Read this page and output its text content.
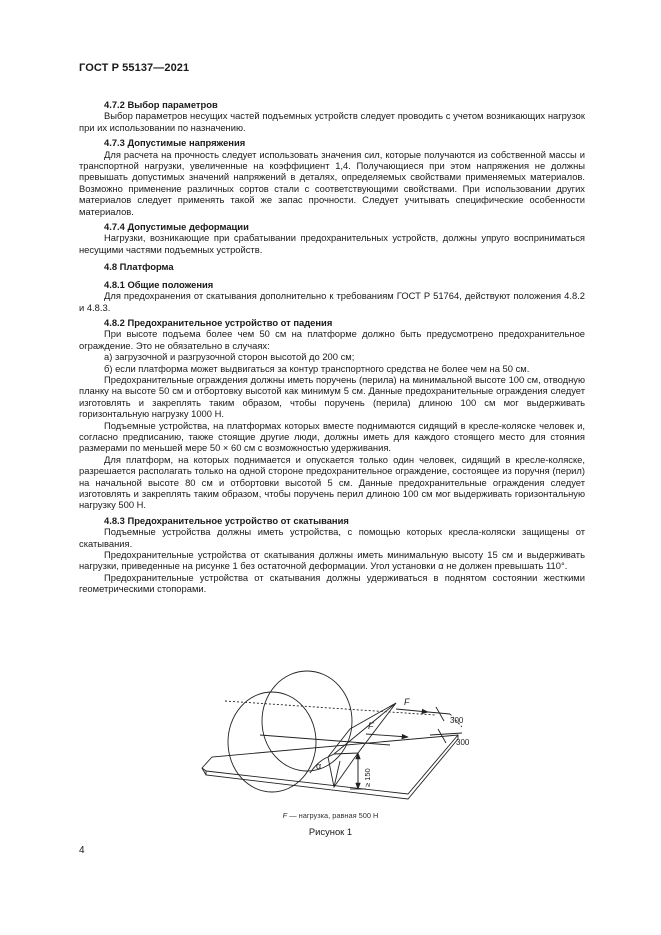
ГОСТ Р 55137—2021

4.7.2 Выбор параметров

Выбор параметров несущих частей подъемных устройств следует проводить с учетом возникающих нагрузок при их использовании по назначению.

4.7.3 Допустимые напряжения

Для расчета на прочность следует использовать значения сил, которые получаются из собственной массы и транспортной нагрузки, увеличенные на коэффициент 1,4. Получающиеся при этом напряжения не должны превышать допустимых значений напряжений в деталях, определяемых свойствами применяемых материалов. Возможно применение различных сортов стали с соответствующими свойствами. При использовании других материалов следует применять такой же запас прочности. Следует учитывать специфические особенности материалов.

4.7.4 Допустимые деформации

Нагрузки, возникающие при срабатывании предохранительных устройств, должны упруго восприниматься несущими частями подъемных устройств.

4.8 Платформа

4.8.1 Общие положения

Для предохранения от скатывания дополнительно к требованиям ГОСТ Р 51764, действуют положения 4.8.2 и 4.8.3.

4.8.2 Предохранительное устройство от падения

При высоте подъема более чем 50 см на платформе должно быть предусмотрено предохранительное ограждение. Это не обязательно в случаях:

а) загрузочной и разгрузочной сторон высотой до 200 см;

б) если платформа может выдвигаться за контур транспортного средства не более чем на 50 см.

Предохранительные ограждения должны иметь поручень (перила) на минимальной высоте 100 см, отводную планку на высоте 50 см и отбортовку высотой как минимум 5 см. Данные предохранительные ограждения следует изготовлять и закреплять таким образом, чтобы поручень (перила) длиною 100 см мог выдерживать горизонтальную нагрузку 1000 Н.

Подъемные устройства, на платформах которых вместе поднимаются сидящий в кресле-коляске человек и, согласно предписанию, также стоящие другие люди, должны иметь для каждого стоящего место для стояния размерами по меньшей мере 50 × 60 см с возможностью удерживания.

Для платформ, на которых поднимается и опускается только один человек, сидящий в кресле-коляске, разрешается располагать только на одной стороне предохранительное ограждение, состоящее из поручня (перил) на начальной высоте 80 см и отбортовки высотой 5 см. Данные предохранительные ограждения следует изготовлять и закреплять таким образом, чтобы поручень перил длиною 100 см мог выдерживать горизонтальную нагрузку 500 Н.

4.8.3 Предохранительное устройство от скатывания

Подъемные устройства должны иметь устройства, с помощью которых кресла-коляски защищены от скатывания.

Предохранительные устройства от скатывания должны иметь минимальную высоту 15 см и выдерживать нагрузки, приведенные на рисунке 1 без остаточной деформации. Угол установки α не должен превышать 110°.

Предохранительные устройства от скатывания должны удерживаться в поднятом состоянии жесткими геометрическими стопорами.

F
F
α
300
300
≥ 150
F — нагрузка, равная 500 Н
Рисунок 1
4
